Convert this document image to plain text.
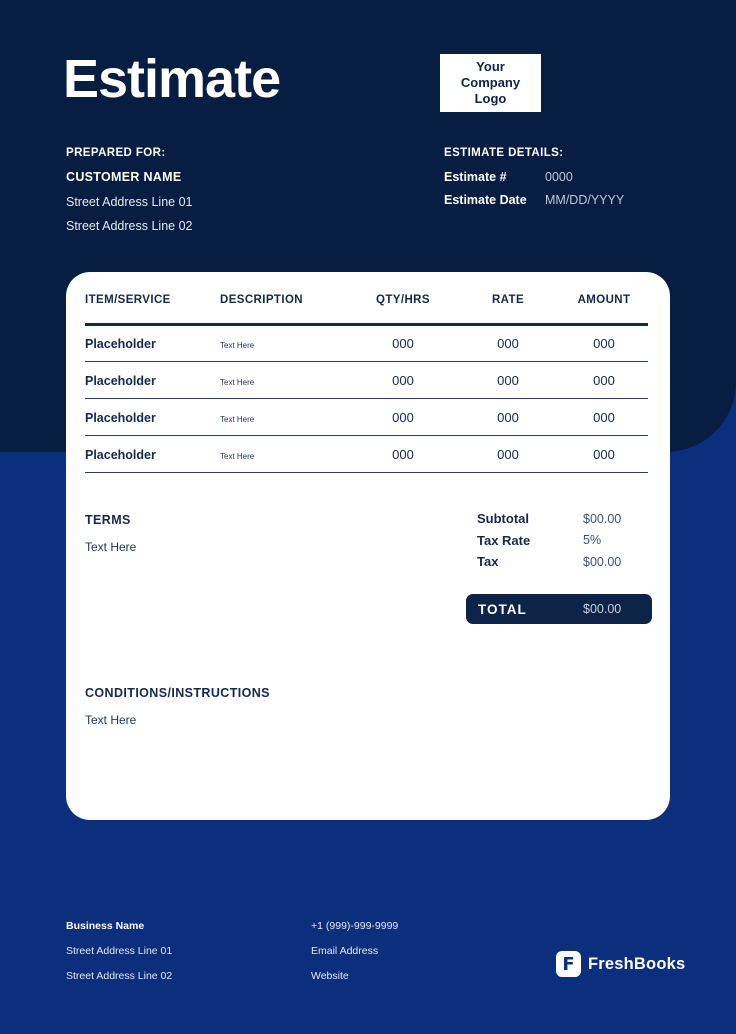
Estimate	Your Company Logo
PREPARED FOR:
CUSTOMER NAME
Street Address Line 01
Street Address Line 02
ESTIMATE DETAILS:
Estimate #	0000
Estimate Date	MM/DD/YYYY
ITEM/SERVICE	DESCRIPTION	QTY/HRS	RATE	AMOUNT
Placeholder	Text Here	000	000	000
Placeholder	Text Here	000	000	000
Placeholder	Text Here	000	000	000
Placeholder	Text Here	000	000	000
TERMS
Text Here
Subtotal	$00.00
Tax Rate	5%
Tax	$00.00
TOTAL	$00.00
CONDITIONS/INSTRUCTIONS
Text Here
Business Name
Street Address Line 01
Street Address Line 02
+1 (999)-999-9999
Email Address
Website
F FreshBooks
